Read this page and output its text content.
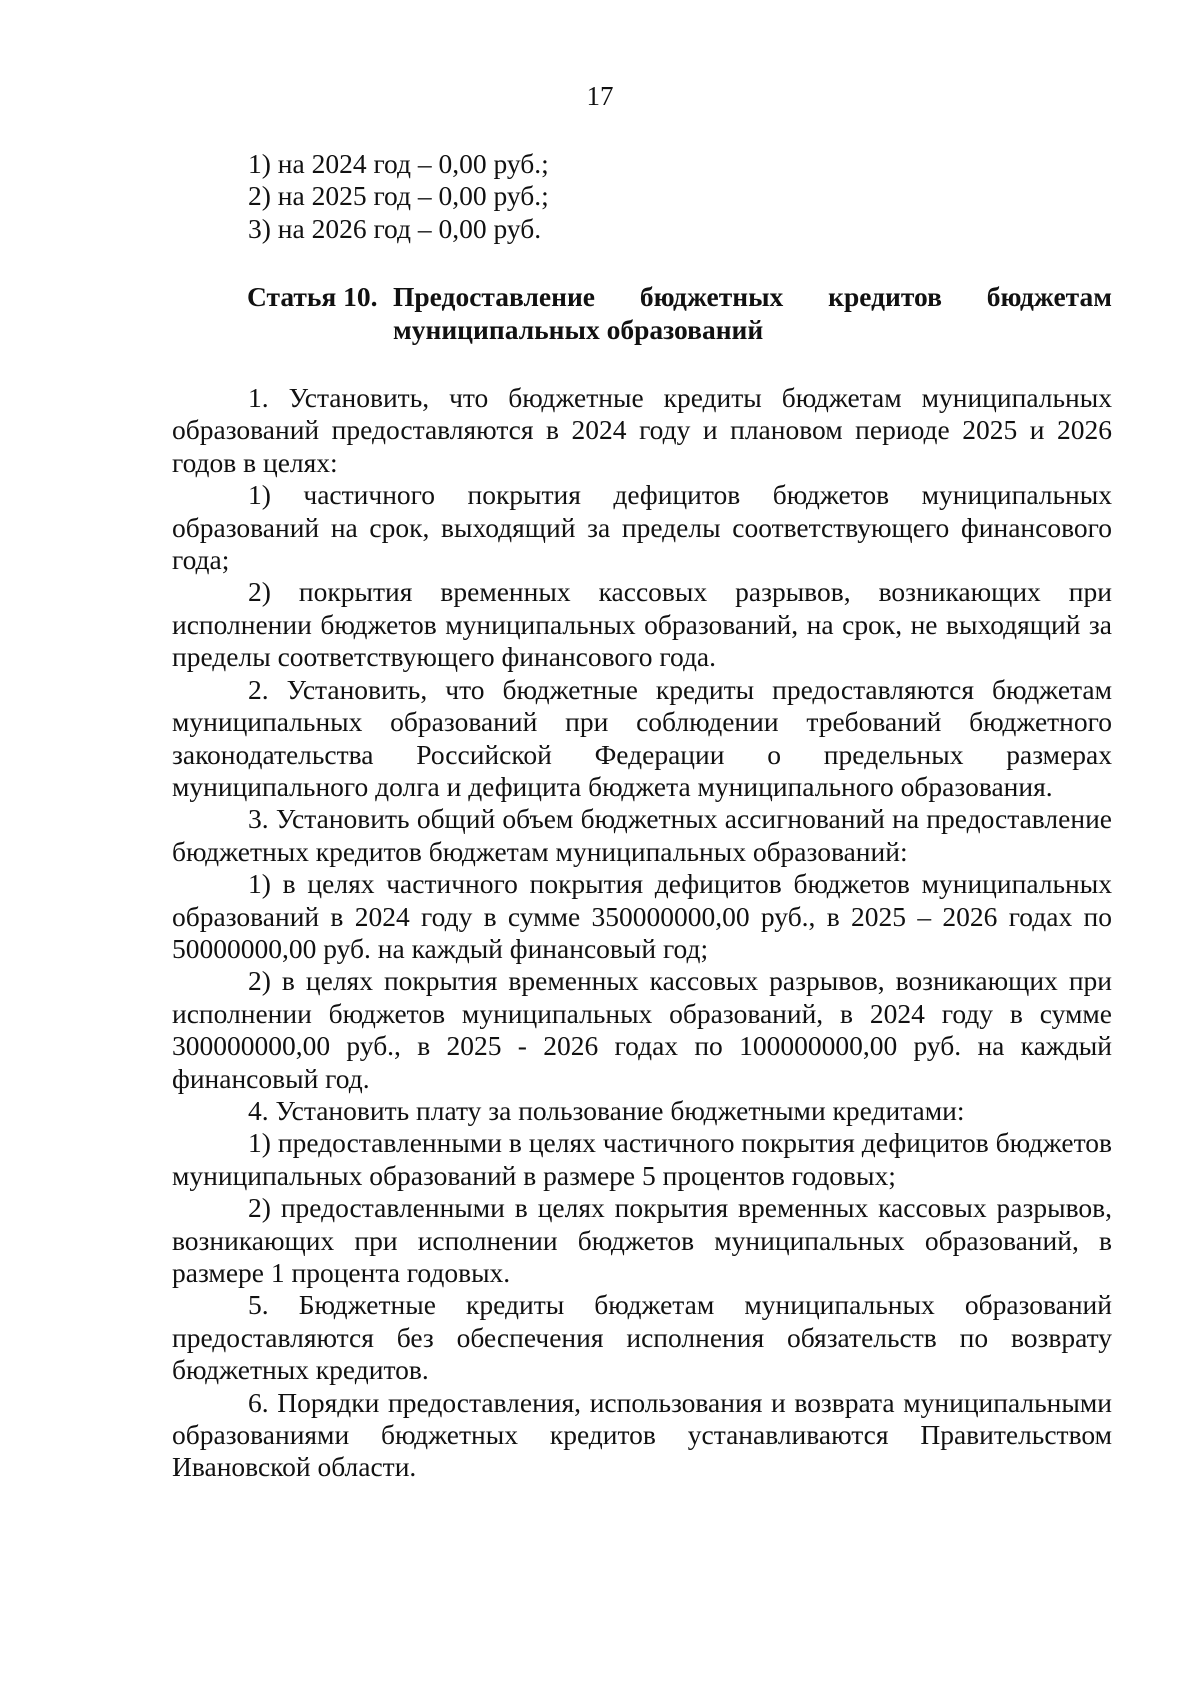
17

1) на 2024 год – 0,00 руб.;

2) на 2025 год – 0,00 руб.;

3) на 2026 год – 0,00 руб.

Статья 10. Предоставление бюджетных кредитов бюджетам муниципальных образований

1. Установить, что бюджетные кредиты бюджетам муниципальных образований предоставляются в 2024 году и плановом периоде 2025 и 2026 годов в целях:

1) частичного покрытия дефицитов бюджетов муниципальных образований на срок, выходящий за пределы соответствующего финансового года;

2) покрытия временных кассовых разрывов, возникающих при исполнении бюджетов муниципальных образований, на срок, не выходящий за пределы соответствующего финансового года.

2. Установить, что бюджетные кредиты предоставляются бюджетам муниципальных образований при соблюдении требований бюджетного законодательства Российской Федерации о предельных размерах муниципального долга и дефицита бюджета муниципального образования.

3. Установить общий объем бюджетных ассигнований на предоставление бюджетных кредитов бюджетам муниципальных образований:

1) в целях частичного покрытия дефицитов бюджетов муниципальных образований в 2024 году в сумме 350000000,00 руб., в 2025 – 2026 годах по 50000000,00 руб. на каждый финансовый год;

2) в целях покрытия временных кассовых разрывов, возникающих при исполнении бюджетов муниципальных образований, в 2024 году в сумме 300000000,00 руб., в 2025 - 2026 годах по 100000000,00 руб. на каждый финансовый год.

4. Установить плату за пользование бюджетными кредитами:

1) предоставленными в целях частичного покрытия дефицитов бюджетов муниципальных образований в размере 5 процентов годовых;

2) предоставленными в целях покрытия временных кассовых разрывов, возникающих при исполнении бюджетов муниципальных образований, в размере 1 процента годовых.

5. Бюджетные кредиты бюджетам муниципальных образований предоставляются без обеспечения исполнения обязательств по возврату бюджетных кредитов.

6. Порядки предоставления, использования и возврата муниципальными образованиями бюджетных кредитов устанавливаются Правительством Ивановской области.
